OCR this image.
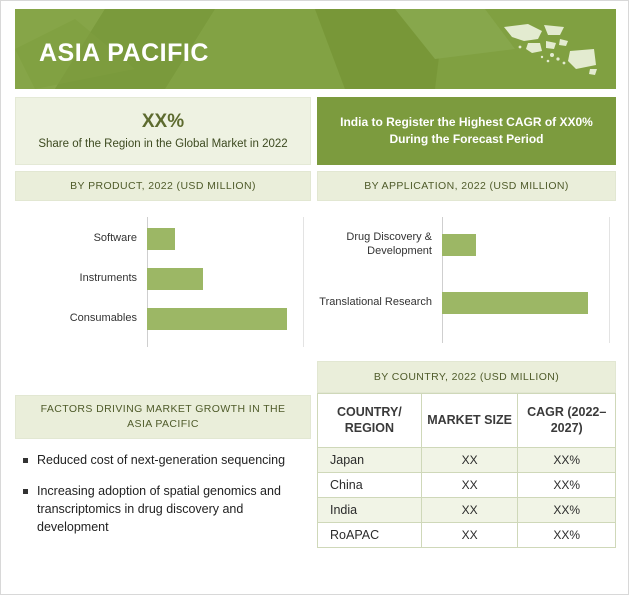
ASIA PACIFIC
XX%
Share of the Region in the Global Market in 2022
India to Register the Highest CAGR of XX0% During the Forecast Period
BY PRODUCT, 2022 (USD MILLION)	BY APPLICATION, 2022 (USD MILLION)
BY COUNTRY, 2022 (USD MILLION)
FACTORS DRIVING MARKET GROWTH IN THE ASIA PACIFIC
Software
Instruments
Consumables
Drug Discovery & Development
Translational Research
Reduced cost of next-generation sequencing
Increasing adoption of spatial genomics and transcriptomics in drug discovery and development
COUNTRY/ REGION	MARKET SIZE	CAGR (2022–2027)
Japan	XX	XX%
China	XX	XX%
India	XX	XX%
RoAPAC	XX	XX%
